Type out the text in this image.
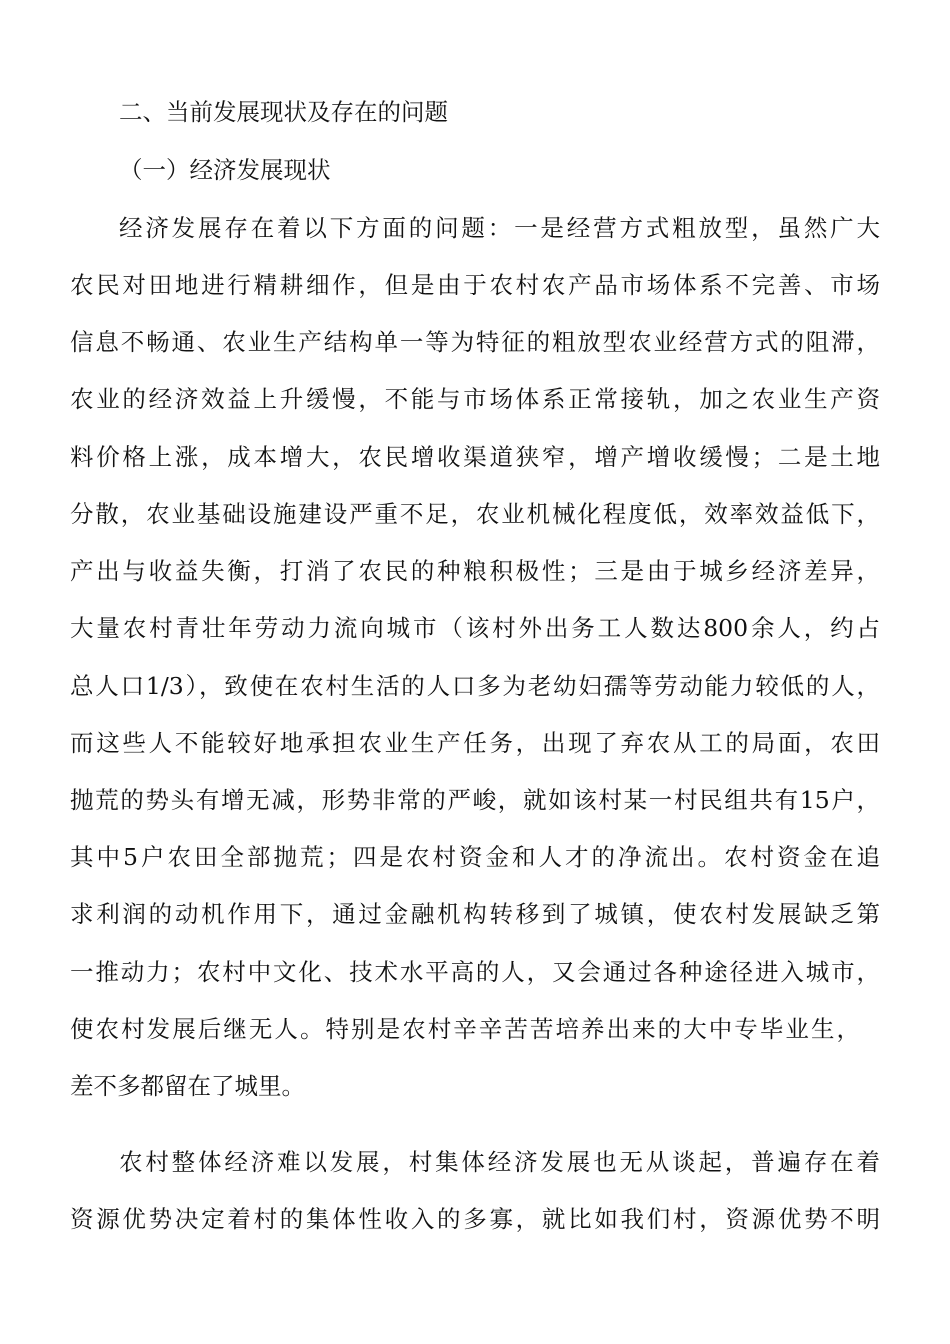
二、当前发展现状及存在的问题

（一）经济发展现状

经济发展存在着以下方面的问题：一是经营方式粗放型，虽然广大

农民对田地进行精耕细作，但是由于农村农产品市场体系不完善、市场

信息不畅通、农业生产结构单一等为特征的粗放型农业经营方式的阻滞，

农业的经济效益上升缓慢，不能与市场体系正常接轨，加之农业生产资

料价格上涨，成本增大，农民增收渠道狭窄，增产增收缓慢；二是土地

分散，农业基础设施建设严重不足，农业机械化程度低，效率效益低下，

产出与收益失衡，打消了农民的种粮积极性；三是由于城乡经济差异，

大量农村青壮年劳动力流向城市（该村外出务工人数达800余人，约占

总人口1/3），致使在农村生活的人口多为老幼妇孺等劳动能力较低的人，

而这些人不能较好地承担农业生产任务，出现了弃农从工的局面，农田

抛荒的势头有增无减，形势非常的严峻，就如该村某一村民组共有15户，

其中5户农田全部抛荒；四是农村资金和人才的净流出。农村资金在追

求利润的动机作用下，通过金融机构转移到了城镇，使农村发展缺乏第

一推动力；农村中文化、技术水平高的人，又会通过各种途径进入城市，

使农村发展后继无人。特别是农村辛辛苦苦培养出来的大中专毕业生，

差不多都留在了城里。

农村整体经济难以发展，村集体经济发展也无从谈起，普遍存在着

资源优势决定着村的集体性收入的多寡，就比如我们村，资源优势不明
